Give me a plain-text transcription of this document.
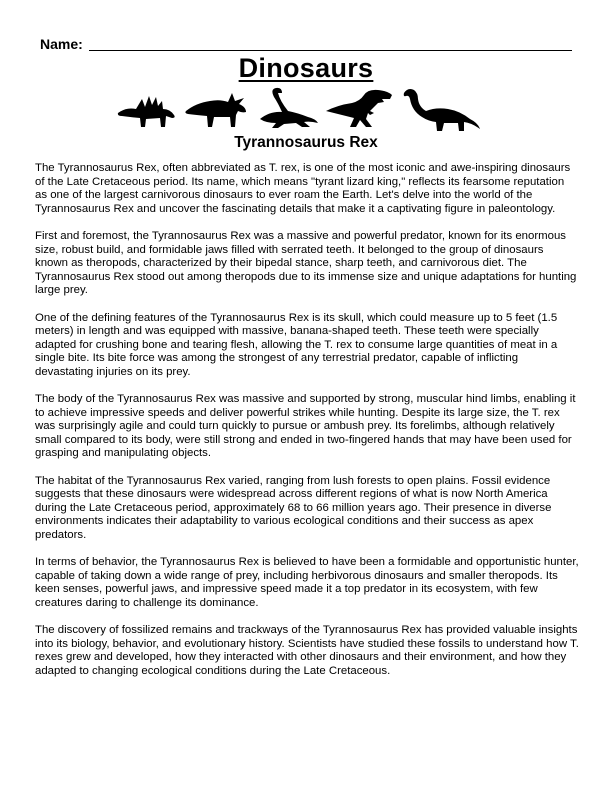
Name:
Dinosaurs
Tyrannosaurus Rex

The Tyrannosaurus Rex, often abbreviated as T. rex, is one of the most iconic and awe-inspiring dinosaurs of the Late Cretaceous period. Its name, which means "tyrant lizard king," reflects its fearsome reputation as one of the largest carnivorous dinosaurs to ever roam the Earth. Let's delve into the world of the Tyrannosaurus Rex and uncover the fascinating details that make it a captivating figure in paleontology.

First and foremost, the Tyrannosaurus Rex was a massive and powerful predator, known for its enormous size, robust build, and formidable jaws filled with serrated teeth. It belonged to the group of dinosaurs known as theropods, characterized by their bipedal stance, sharp teeth, and carnivorous diet. The Tyrannosaurus Rex stood out among theropods due to its immense size and unique adaptations for hunting large prey.

One of the defining features of the Tyrannosaurus Rex is its skull, which could measure up to 5 feet (1.5 meters) in length and was equipped with massive, banana-shaped teeth. These teeth were specially adapted for crushing bone and tearing flesh, allowing the T. rex to consume large quantities of meat in a single bite. Its bite force was among the strongest of any terrestrial predator, capable of inflicting devastating injuries on its prey.

The body of the Tyrannosaurus Rex was massive and supported by strong, muscular hind limbs, enabling it to achieve impressive speeds and deliver powerful strikes while hunting. Despite its large size, the T. rex was surprisingly agile and could turn quickly to pursue or ambush prey. Its forelimbs, although relatively small compared to its body, were still strong and ended in two-fingered hands that may have been used for grasping and manipulating objects.

The habitat of the Tyrannosaurus Rex varied, ranging from lush forests to open plains. Fossil evidence suggests that these dinosaurs were widespread across different regions of what is now North America during the Late Cretaceous period, approximately 68 to 66 million years ago. Their presence in diverse environments indicates their adaptability to various ecological conditions and their success as apex predators.

In terms of behavior, the Tyrannosaurus Rex is believed to have been a formidable and opportunistic hunter, capable of taking down a wide range of prey, including herbivorous dinosaurs and smaller theropods. Its keen senses, powerful jaws, and impressive speed made it a top predator in its ecosystem, with few creatures daring to challenge its dominance.

The discovery of fossilized remains and trackways of the Tyrannosaurus Rex has provided valuable insights into its biology, behavior, and evolutionary history. Scientists have studied these fossils to understand how T. rexes grew and developed, how they interacted with other dinosaurs and their environment, and how they adapted to changing ecological conditions during the Late Cretaceous.
